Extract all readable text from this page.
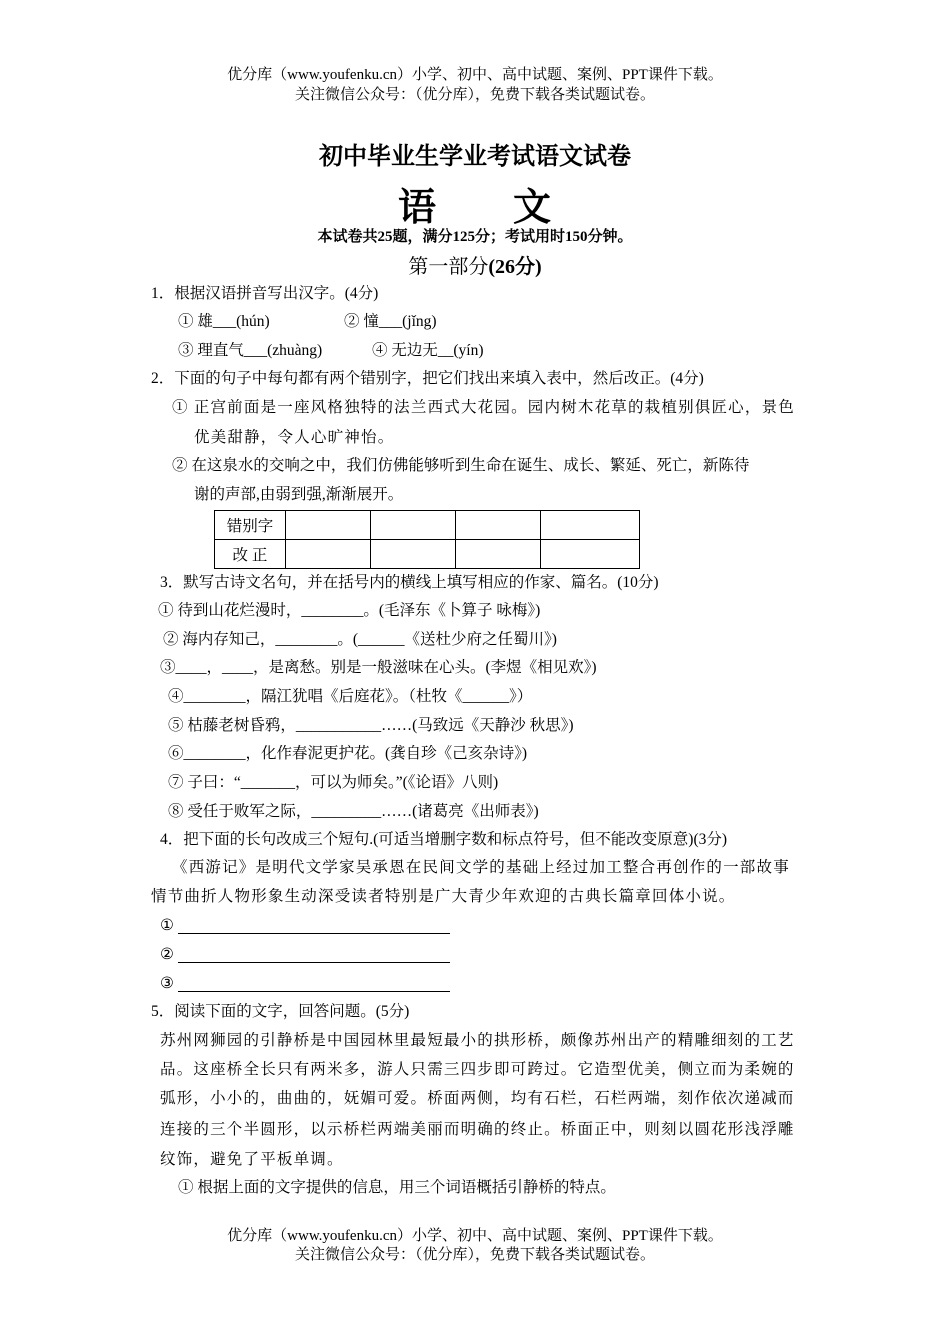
优分库（www.youfenku.cn）小学、初中、高中试题、案例、PPT课件下载。
关注微信公众号：（优分库），免费下载各类试题试卷。
初中毕业生学业考试语文试卷
语 文
本试卷共25题，满分125分；考试用时150分钟。
第一部分(26分)
1．根据汉语拼音写出汉字。(4分)
① 雄___(hún)	② 憧___(jǐng)
③ 理直气___(zhuàng)	④ 无边无__(yín)
2．下面的句子中每句都有两个错别字，把它们找出来填入表中，然后改正。(4分)
① 正宫前面是一座风格独特的法兰西式大花园。园内树木花草的栽植别俱匠心，景色
优美甜静，令人心旷神怡。
② 在这泉水的交响之中，我们仿佛能够听到生命在诞生、成长、繁延、死亡，新陈待
谢的声部,由弱到强,渐渐展开。
错别字				
改 正				
3．默写古诗文名句，并在括号内的横线上填写相应的作家、篇名。(10分)
① 待到山花烂漫时，________。(毛泽东《卜算子 咏梅》)
② 海内存知己，________。(______《送杜少府之任蜀川》)
③____，____，是离愁。别是一般滋味在心头。(李煜《相见欢》)
④________，隔江犹唱《后庭花》。（杜牧《______》）
⑤ 枯藤老树昏鸦，___________……(马致远《天静沙 秋思》)
⑥________，化作春泥更护花。(龚自珍《己亥杂诗》)
⑦ 子曰：“_______，可以为师矣。”(《论语》八则)
⑧ 受任于败军之际，_________……(诸葛亮《出师表》)
4．把下面的长句改成三个短句.(可适当增删字数和标点符号，但不能改变原意)(3分)
《西游记》是明代文学家吴承恩在民间文学的基础上经过加工整合再创作的一部故事
情节曲折人物形象生动深受读者特别是广大青少年欢迎的古典长篇章回体小说。
①
②
③
5．阅读下面的文字，回答问题。(5分)
苏州网狮园的引静桥是中国园林里最短最小的拱形桥，颇像苏州出产的精雕细刻的工艺
品。这座桥全长只有两米多，游人只需三四步即可跨过。它造型优美，侧立而为柔婉的
弧形，小小的，曲曲的，妩媚可爱。桥面两侧，均有石栏，石栏两端，刻作依次递减而
连接的三个半圆形，以示桥栏两端美丽而明确的终止。桥面正中，则刻以圆花形浅浮雕
纹饰，避免了平板单调。
① 根据上面的文字提供的信息，用三个词语概括引静桥的特点。
优分库（www.youfenku.cn）小学、初中、高中试题、案例、PPT课件下载。
关注微信公众号：（优分库），免费下载各类试题试卷。
